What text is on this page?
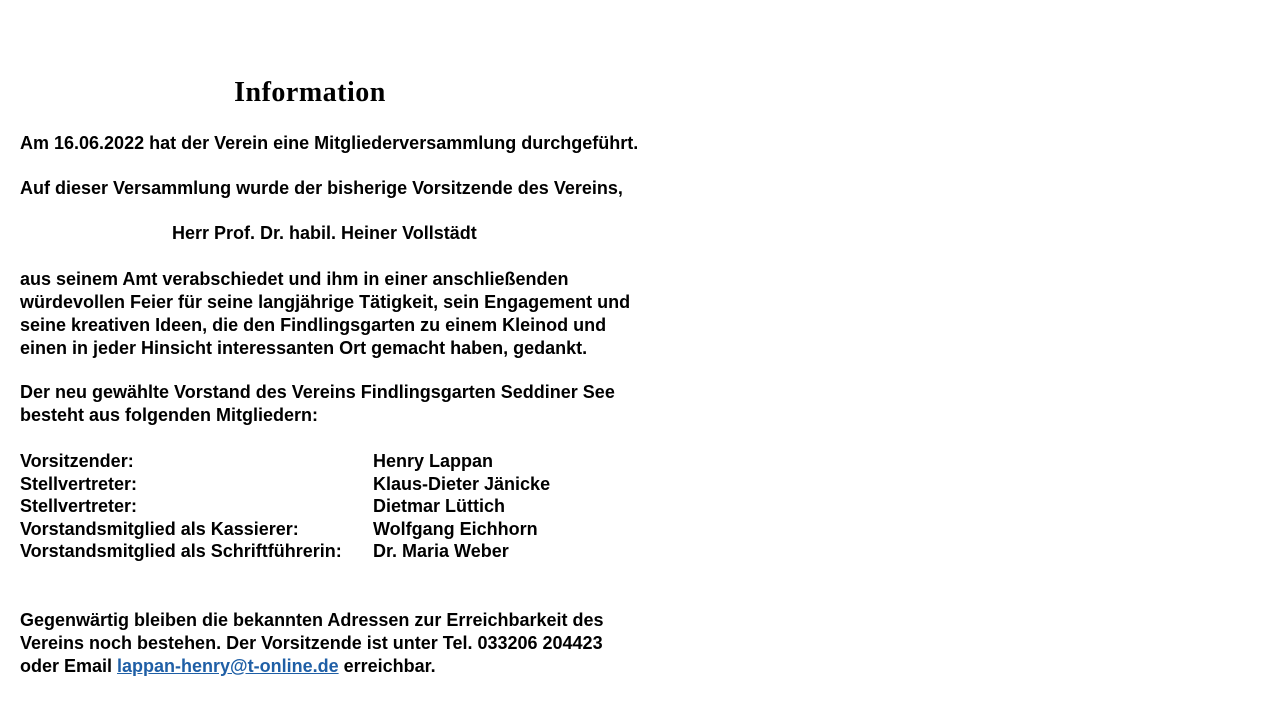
Information

Am 16.06.2022 hat der Verein eine Mitgliederversammlung durchgeführt.

Auf dieser Versammlung wurde der bisherige Vorsitzende des Vereins,

Herr Prof. Dr. habil. Heiner Vollstädt

aus seinem Amt verabschiedet und ihm in einer anschließenden
würdevollen Feier für seine langjährige Tätigkeit, sein Engagement und
seine kreativen Ideen, die den Findlingsgarten zu einem Kleinod und
einen in jeder Hinsicht interessanten Ort gemacht haben, gedankt.

Der neu gewählte Vorstand des Vereins Findlingsgarten Seddiner See
besteht aus folgenden Mitgliedern:

Vorsitzender:	Henry Lappan
Stellvertreter:	Klaus-Dieter Jänicke
Stellvertreter:	Dietmar Lüttich
Vorstandsmitglied als Kassierer:	Wolfgang Eichhorn
Vorstandsmitglied als Schriftführerin:	Dr. Maria Weber

Gegenwärtig bleiben die bekannten Adressen zur Erreichbarkeit des
Vereins noch bestehen. Der Vorsitzende ist unter Tel. 033206 204423
oder Email lappan-henry@t-online.de erreichbar.
